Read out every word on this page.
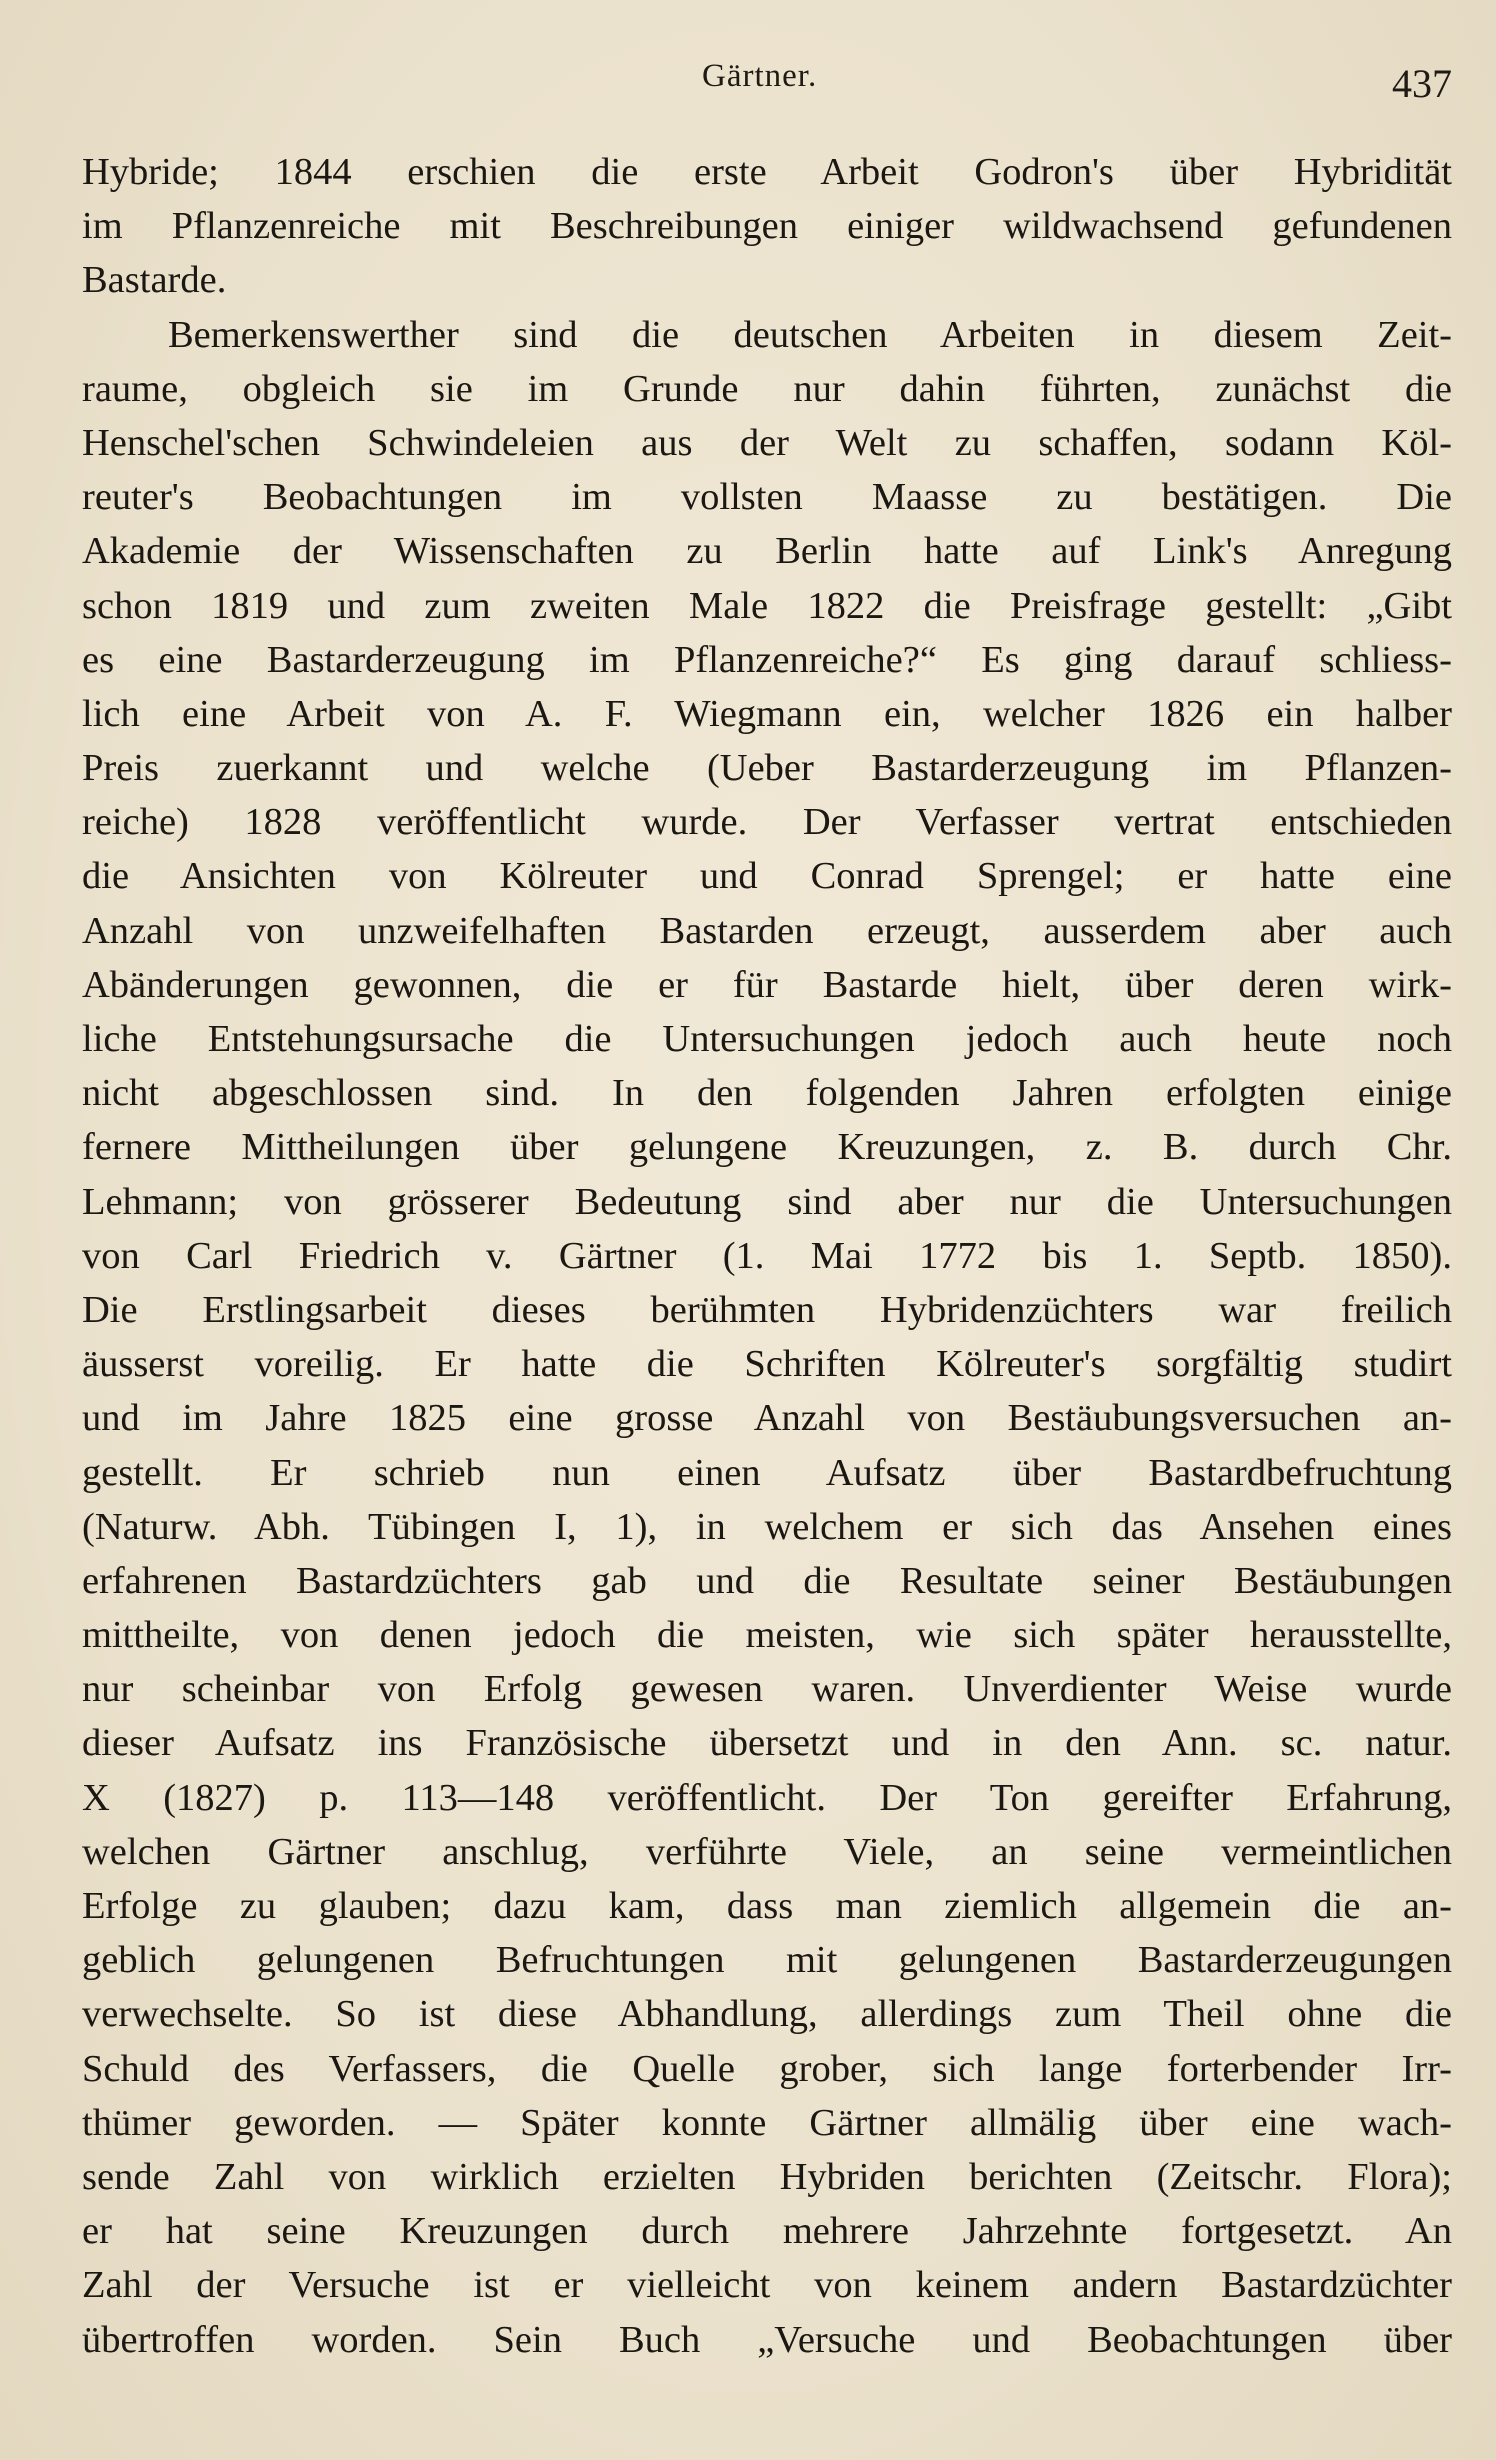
Gärtner.	437
Hybride; 1844 erschien die erste Arbeit Godron's über Hybridität
im Pflanzenreiche mit Beschreibungen einiger wildwachsend gefundenen
Bastarde.
Bemerkenswerther sind die deutschen Arbeiten in diesem Zeit-
raume, obgleich sie im Grunde nur dahin führten, zunächst die
Henschel'schen Schwindeleien aus der Welt zu schaffen, sodann Köl-
reuter's Beobachtungen im vollsten Maasse zu bestätigen. Die
Akademie der Wissenschaften zu Berlin hatte auf Link's Anregung
schon 1819 und zum zweiten Male 1822 die Preisfrage gestellt: „Gibt
es eine Bastarderzeugung im Pflanzenreiche?“ Es ging darauf schliess-
lich eine Arbeit von A. F. Wiegmann ein, welcher 1826 ein halber
Preis zuerkannt und welche (Ueber Bastarderzeugung im Pflanzen-
reiche) 1828 veröffentlicht wurde. Der Verfasser vertrat entschieden
die Ansichten von Kölreuter und Conrad Sprengel; er hatte eine
Anzahl von unzweifelhaften Bastarden erzeugt, ausserdem aber auch
Abänderungen gewonnen, die er für Bastarde hielt, über deren wirk-
liche Entstehungsursache die Untersuchungen jedoch auch heute noch
nicht abgeschlossen sind. In den folgenden Jahren erfolgten einige
fernere Mittheilungen über gelungene Kreuzungen, z. B. durch Chr.
Lehmann; von grösserer Bedeutung sind aber nur die Untersuchungen
von Carl Friedrich v. Gärtner (1. Mai 1772 bis 1. Septb. 1850).
Die Erstlingsarbeit dieses berühmten Hybridenzüchters war freilich
äusserst voreilig. Er hatte die Schriften Kölreuter's sorgfältig studirt
und im Jahre 1825 eine grosse Anzahl von Bestäubungsversuchen an-
gestellt. Er schrieb nun einen Aufsatz über Bastardbefruchtung
(Naturw. Abh. Tübingen I, 1), in welchem er sich das Ansehen eines
erfahrenen Bastardzüchters gab und die Resultate seiner Bestäubungen
mittheilte, von denen jedoch die meisten, wie sich später herausstellte,
nur scheinbar von Erfolg gewesen waren. Unverdienter Weise wurde
dieser Aufsatz ins Französische übersetzt und in den Ann. sc. natur.
X (1827) p. 113—148 veröffentlicht. Der Ton gereifter Erfahrung,
welchen Gärtner anschlug, verführte Viele, an seine vermeintlichen
Erfolge zu glauben; dazu kam, dass man ziemlich allgemein die an-
geblich gelungenen Befruchtungen mit gelungenen Bastarderzeugungen
verwechselte. So ist diese Abhandlung, allerdings zum Theil ohne die
Schuld des Verfassers, die Quelle grober, sich lange forterbender Irr-
thümer geworden. — Später konnte Gärtner allmälig über eine wach-
sende Zahl von wirklich erzielten Hybriden berichten (Zeitschr. Flora);
er hat seine Kreuzungen durch mehrere Jahrzehnte fortgesetzt. An
Zahl der Versuche ist er vielleicht von keinem andern Bastardzüchter
übertroffen worden. Sein Buch „Versuche und Beobachtungen über
